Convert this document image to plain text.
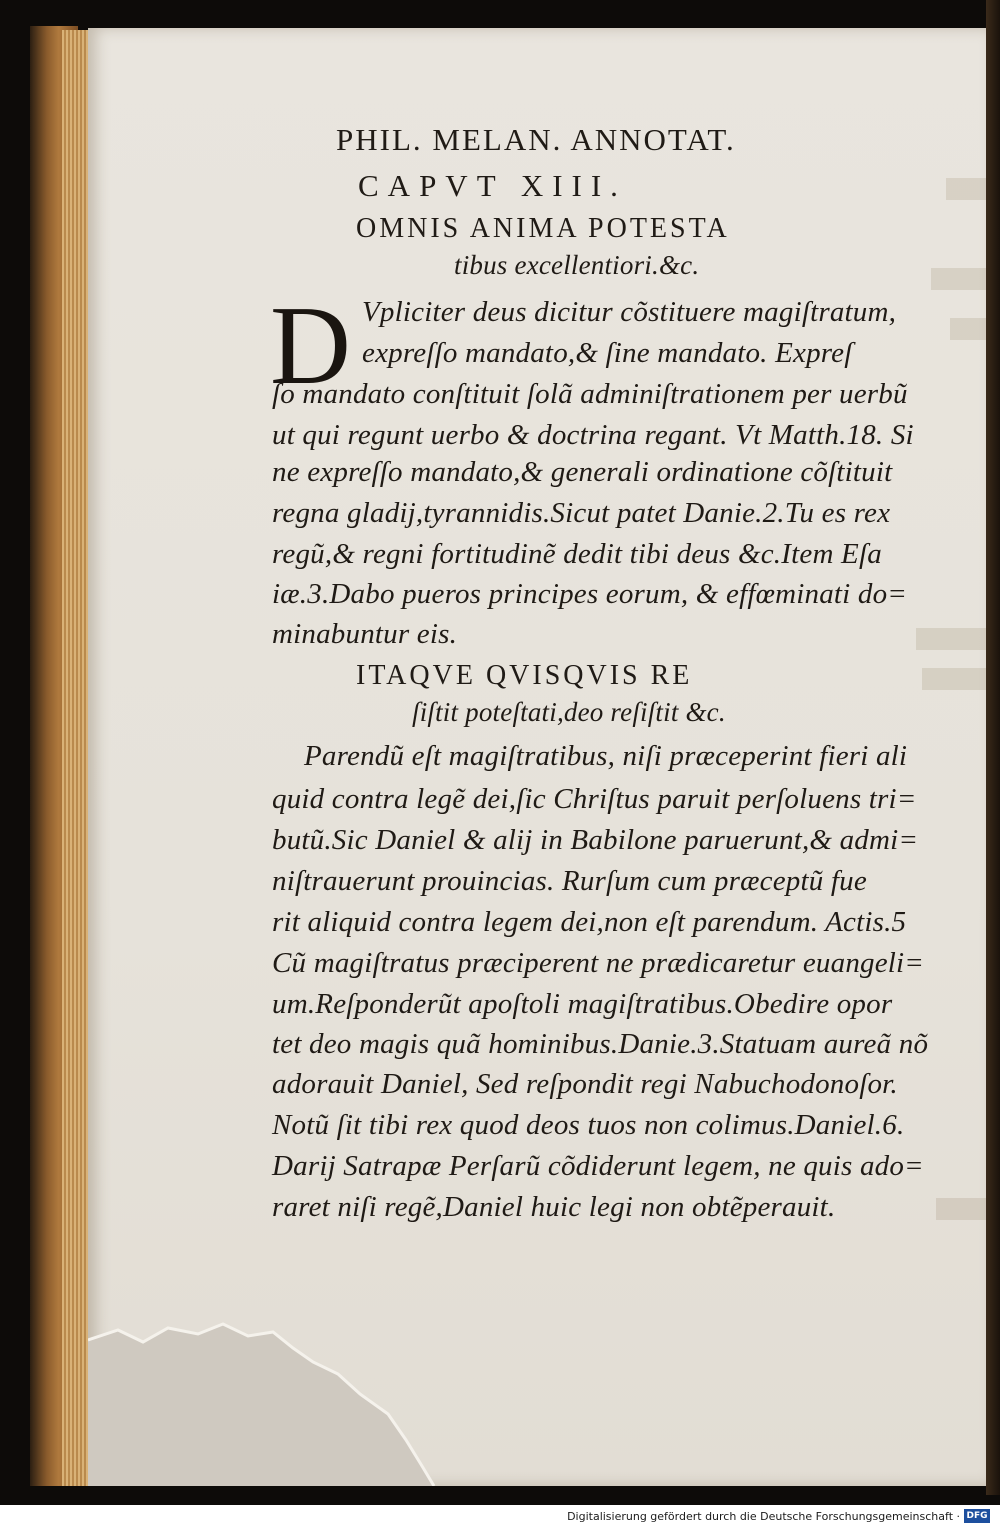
PHIL. MELAN. ANNOTAT.
CAPVT XIII.
OMNIS ANIMA POTESTA
tibus excellentiori.&c.
D Vpliciter deus dicitur cõstituere magiſtratum,
expreſſo mandato,& ſine mandato. Expreſ
ſo mandato conſtituit ſolã adminiſtrationem per uerbũ
ut qui regunt uerbo & doctrina regant. Vt Matth.18. Si
ne expreſſo mandato,& generali ordinatione cõſtituit
regna gladij,tyrannidis.Sicut patet Danie.2.Tu es rex
regũ,& regni fortitudinẽ dedit tibi deus &c.Item Eſa
iæ.3.Dabo pueros principes eorum, & effœminati do=
minabuntur eis.
ITAQVE QVISQVIS RE
ſiſtit poteſtati,deo reſiſtit &c.
Parendũ eſt magiſtratibus, niſi præceperint fieri ali
quid contra legẽ dei,ſic Chriſtus paruit perſoluens tri=
butũ.Sic Daniel & alij in Babilone paruerunt,& admi=
niſtrauerunt prouincias. Rurſum cum præceptũ fue
rit aliquid contra legem dei,non eſt parendum. Actis.5
Cũ magiſtratus præciperent ne prædicaretur euangeli=
um.Reſponderũt apoſtoli magiſtratibus.Obedire opor
tet deo magis quã hominibus.Danie.3.Statuam aureã nõ
adorauit Daniel, Sed reſpondit regi Nabuchodonoſor.
Notũ ſit tibi rex quod deos tuos non colimus.Daniel.6.
Darij Satrapæ Perſarũ cõdiderunt legem, ne quis ado=
raret niſi regẽ,Daniel huic legi non obtẽperauit.
Digitalisierung gefördert durch die Deutsche Forschungsgemeinschaft · DFG
